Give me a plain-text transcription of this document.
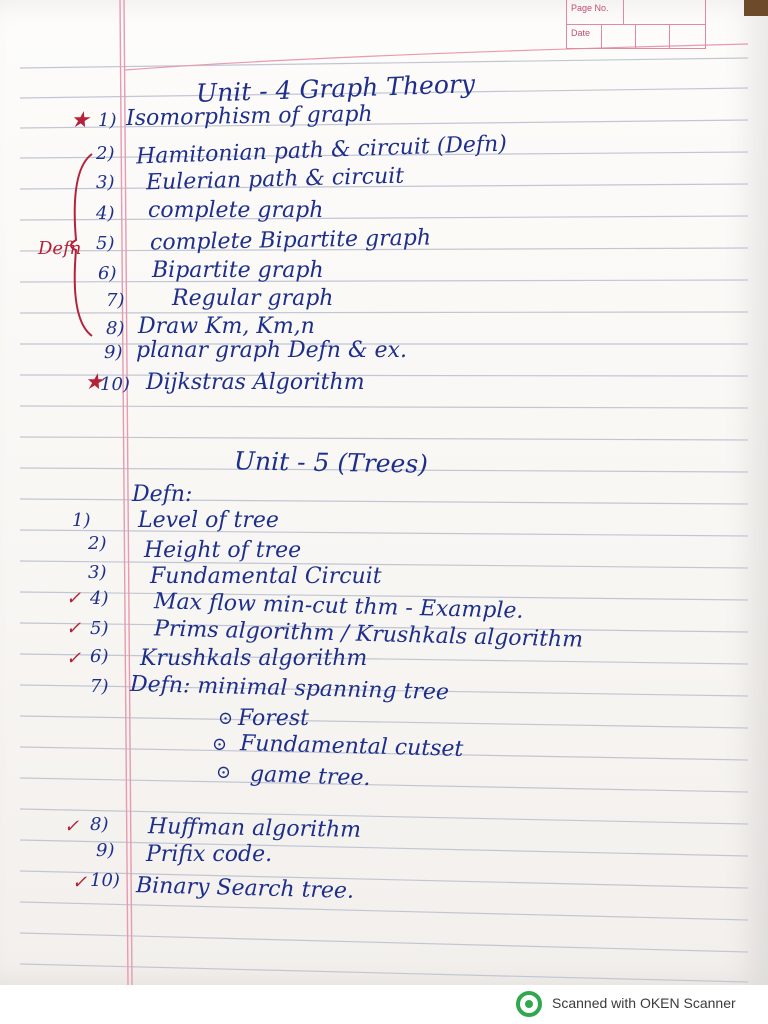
Page No.
Date
Unit - 4 Graph Theory
★ 1) Isomorphism of graph
2) Hamitonian path & circuit (Defn)
3) Eulerian path & circuit
4) complete graph
Defn 5) complete Bipartite graph
6) Bipartite graph
7) Regular graph
8) Draw Km, Km,n
9) planar graph Defn & ex.
★
10) Dijkstras Algorithm
Unit - 5 (Trees)
Defn:
1) Level of tree
2) Height of tree
3) Fundamental Circuit
✓ 4) Max flow min-cut thm - Example.
✓ 5) Prims algorithm / Krushkals algorithm
✓ 6) Krushkals algorithm
7) Defn: minimal spanning tree
⊙ Forest
⊙ Fundamental cutset
⊙ game tree.
✓ 8) Huffman algorithm
9) Prifix code.
✓ 10) Binary Search tree.
Scanned with OKEN Scanner
